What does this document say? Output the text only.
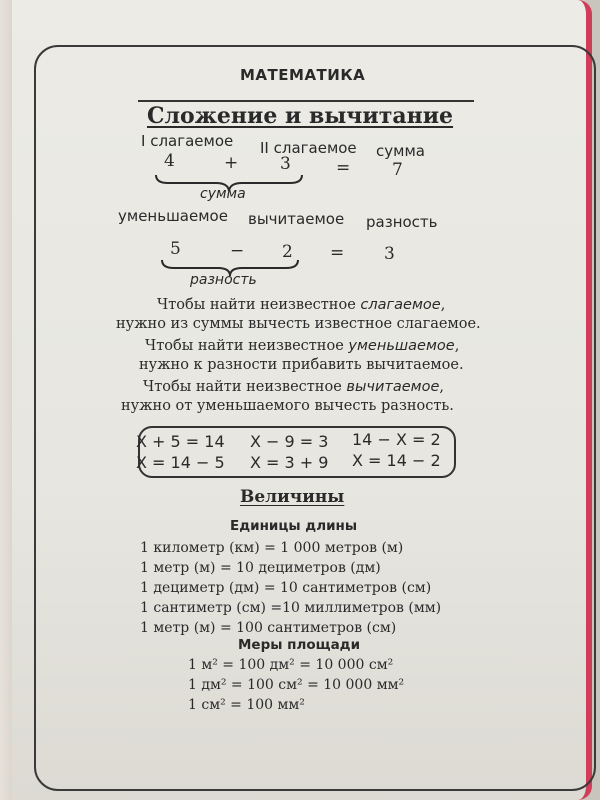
МАТЕМАТИКА
Сложение и вычитание
I слагаемое II слагаемое сумма
4	+ 3	= 7
сумма
уменьшаемое вычитаемое разность
5	− 2 = 3
разность
Чтобы найти неизвестное слагаемое,
нужно из суммы вычесть известное слагаемое.
Чтобы найти неизвестное уменьшаемое,
нужно к разности прибавить вычитаемое.
Чтобы найти неизвестное вычитаемое,
нужно от уменьшаемого вычесть разность.
X + 5 = 14
X = 14 − 5
X − 9 = 3
X = 3 + 9
14 − X = 2
X = 14 − 2
Величины
Единицы длины
1 километр (км) = 1 000 метров (м)
1 метр (м) = 10 дециметров (дм)
1 дециметр (дм) = 10 сантиметров (см)
1 сантиметр (см) =10 миллиметров (мм)
1 метр (м) = 100 сантиметров (см)
Меры площади
1 м² = 100 дм² = 10 000 см²
1 дм² = 100 см² = 10 000 мм²
1 см² = 100 мм²
